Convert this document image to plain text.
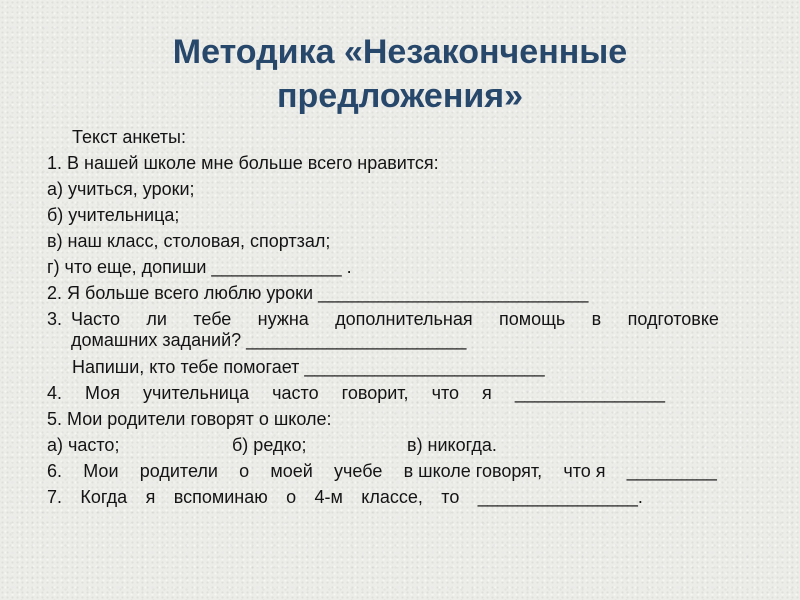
Методика «Незаконченные
предложения»
Текст анкеты:
1. В нашей школе мне больше всего нравится:
а) учиться, уроки;
б) учительница;
в) наш класс, столовая, спортзал;
г) что еще, допиши _____________ .
2. Я больше всего люблю уроки ___________________________
3. Часто ли тебе нужна дополнительная помощь в подготовке
домашних заданий? ______________________
Напиши, кто тебе помогает ________________________
4. Моя учительница часто говорит, что я _______________
5. Мои родители говорят о школе:
а) часто;	б) редко;	в) никогда.
6. Мои родители о моей учебе в школе говорят, что я _________
7. Когда я вспоминаю о 4-м классе, то ________________.
